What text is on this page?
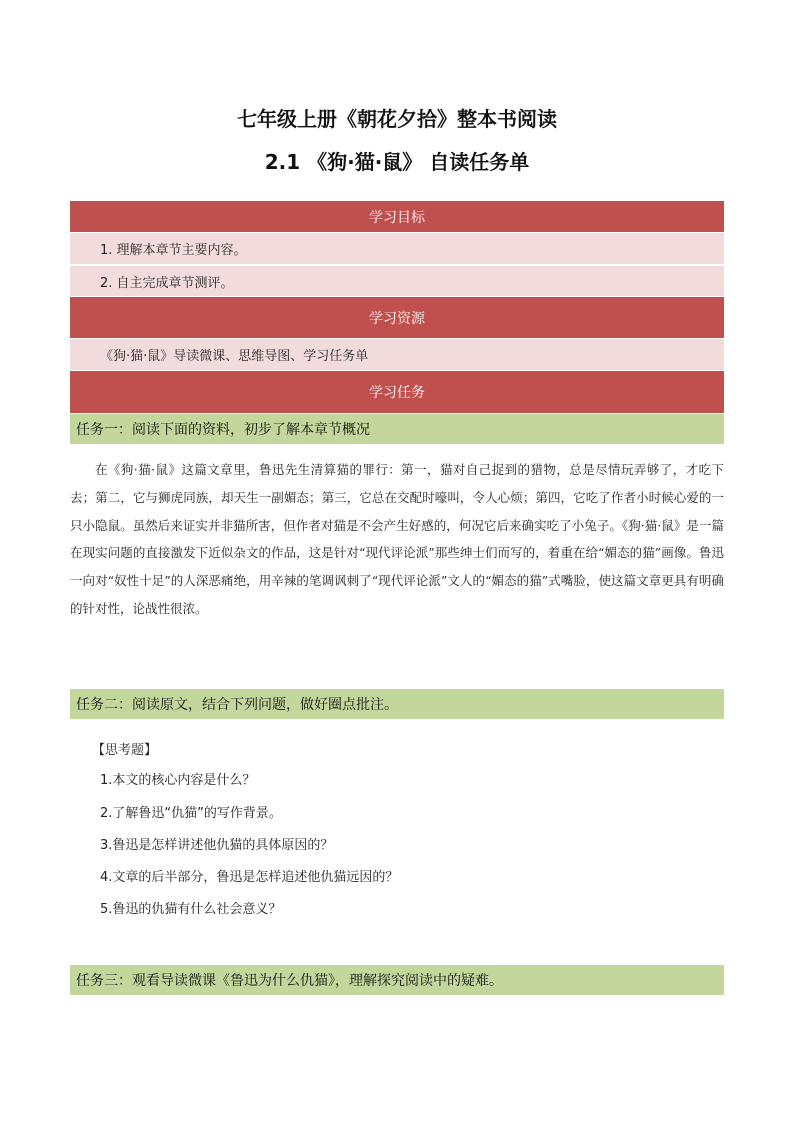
七年级上册《朝花夕拾》整本书阅读
2.1 《狗·猫·鼠》 自读任务单
学习目标
1. 理解本章节主要内容。
2. 自主完成章节测评。
学习资源
《狗·猫·鼠》导读微课、思维导图、学习任务单
学习任务
任务一：阅读下面的资料，初步了解本章节概况

在《狗·猫·鼠》这篇文章里，鲁迅先生清算猫的罪行：第一，猫对自己捉到的猎物，总是尽情玩弄够了，才吃下去；第二，它与狮虎同族，却天生一副媚态；第三，它总在交配时嚎叫，令人心烦；第四，它吃了作者小时候心爱的一只小隐鼠。虽然后来证实并非猫所害，但作者对猫是不会产生好感的，何况它后来确实吃了小兔子。《狗·猫·鼠》是一篇在现实问题的直接激发下近似杂文的作品，这是针对“现代评论派”那些绅士们而写的，着重在给“媚态的猫”画像。鲁迅一向对“奴性十足”的人深恶痛绝，用辛辣的笔调讽刺了“现代评论派”文人的“媚态的猫”式嘴脸，使这篇文章更具有明确的针对性，论战性很浓。

任务二：阅读原文，结合下列问题，做好圈点批注。
【思考题】
1.本文的核心内容是什么？
2.了解鲁迅“仇猫”的写作背景。
3.鲁迅是怎样讲述他仇猫的具体原因的？
4.文章的后半部分，鲁迅是怎样追述他仇猫远因的？
5.鲁迅的仇猫有什么社会意义？
任务三：观看导读微课《鲁迅为什么仇猫》，理解探究阅读中的疑难。
